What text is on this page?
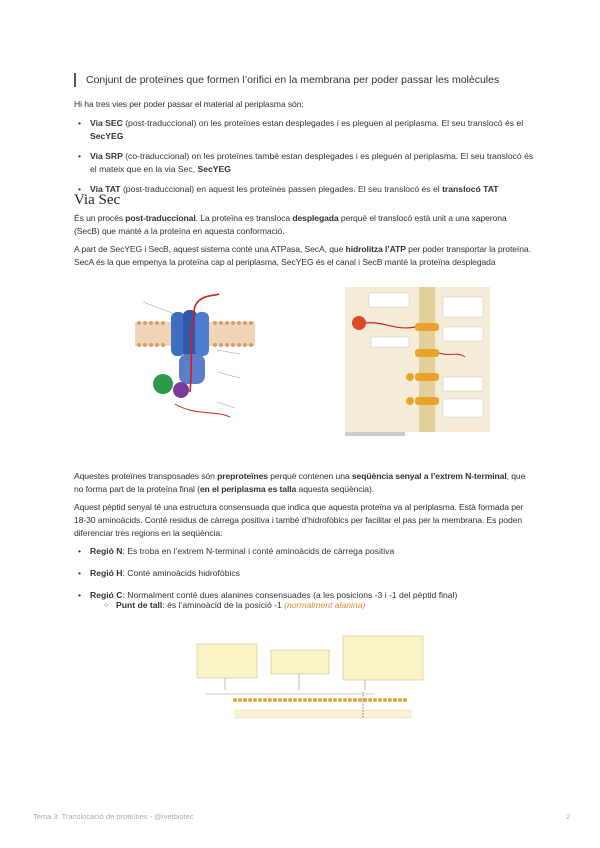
Conjunt de proteïnes que formen l’orifici en la membrana per poder passar les molècules
Hi ha tres vies per poder passar el material al periplasma són:
• Via SEC (post-traduccional) on les proteïnes estan desplegades i es pleguen al periplasma. El seu translocó és el SecYEG
• Via SRP (co-traduccional) on les proteïnes també estan desplegades i es pleguen al periplasma. El seu translocó és el mateix que en la via Sec, SecYEG
• Via TAT (post-traduccional) en aquest les proteïnes passen plegades. El seu translocó és el translocó TAT
Via Sec
És un procés post-traduccional. La proteïna es transloca desplegada perquè el translocó està unit a una xaperona (SecB) que manté a la proteïna en aquesta conformació.
A part de SecYEG i SecB, aquest sistema conté una ATPasa, SecA, que hidrolitza l’ATP per poder transportar la proteïna. SecA és la que empenya la proteïna cap al periplasma, SecYEG és el canal i SecB manté la proteïna desplegada
Aquestes proteïnes transposades són preproteïnes perquè contenen una seqüència senyal a l’extrem N-terminal, que no forma part de la proteïna final (en el periplasma es talla aquesta seqüència).
Aquest pèptid senyal té una estructura consensuada que indica que aquesta proteïna va al periplasma. Està formada per 18-30 aminoàcids. Conté residus de càrrega positiva i també d’hidrofòbics per facilitar el pas per la membrana. Es poden diferenciar tres regions en la seqüència:
• Regió N: Es troba en l’extrem N-terminal i conté aminoàcids de càrrega positiva
• Regió H: Conté aminoàcids hidrofòbics
• Regió C: Normalment conté dues alanines consensuades (a les posicions -3 i -1 del pèptid final)
○ Punt de tall: és l’aminoàcid de la posició -1 (normalment alanina)
Tema 3: Translocació de proteïnes - @ivetbiotec	2
